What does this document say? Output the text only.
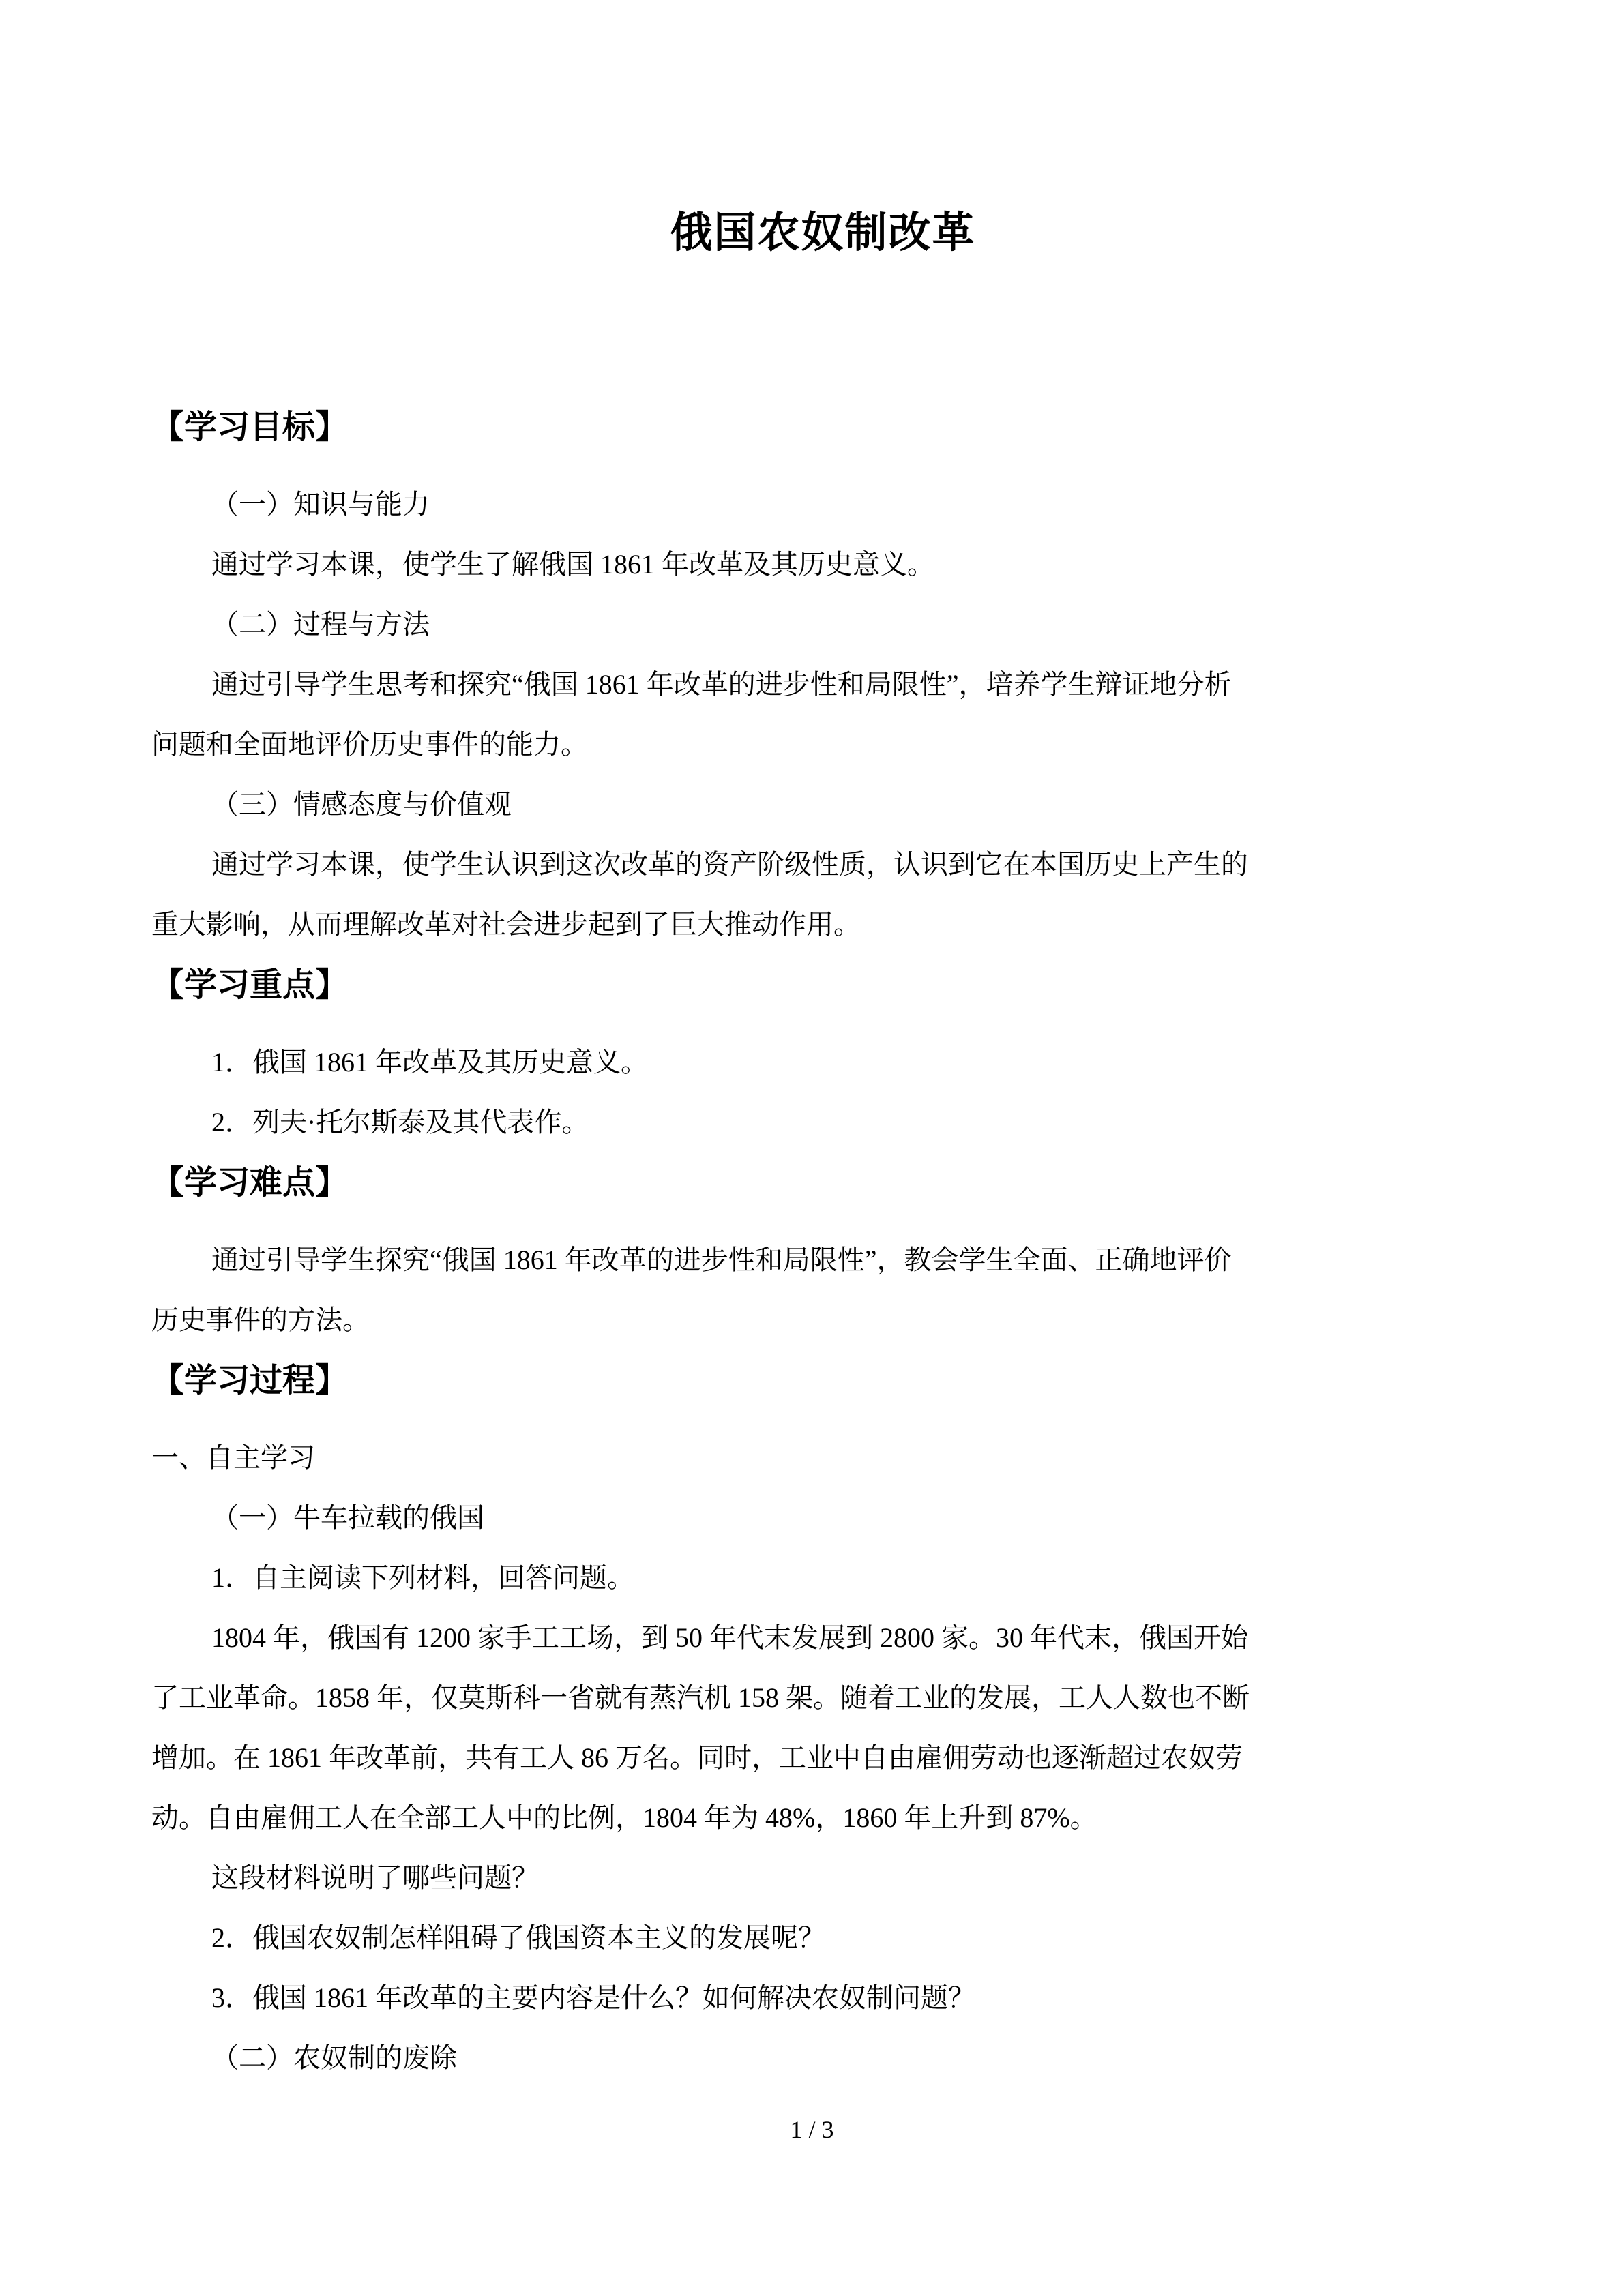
俄国农奴制改革
【学习目标】
（一）知识与能力
通过学习本课，使学生了解俄国 1861 年改革及其历史意义。
（二）过程与方法
通过引导学生思考和探究“俄国 1861 年改革的进步性和局限性”，培养学生辩证地分析
问题和全面地评价历史事件的能力。
（三）情感态度与价值观
通过学习本课，使学生认识到这次改革的资产阶级性质，认识到它在本国历史上产生的
重大影响，从而理解改革对社会进步起到了巨大推动作用。
【学习重点】
1．俄国 1861 年改革及其历史意义。
2．列夫·托尔斯泰及其代表作。
【学习难点】
通过引导学生探究“俄国 1861 年改革的进步性和局限性”，教会学生全面、正确地评价
历史事件的方法。
【学习过程】
一、自主学习
（一）牛车拉载的俄国
1．自主阅读下列材料，回答问题。
1804 年，俄国有 1200 家手工工场，到 50 年代末发展到 2800 家。30 年代末，俄国开始
了工业革命。1858 年，仅莫斯科一省就有蒸汽机 158 架。随着工业的发展，工人人数也不断
增加。在 1861 年改革前，共有工人 86 万名。同时，工业中自由雇佣劳动也逐渐超过农奴劳
动。自由雇佣工人在全部工人中的比例，1804 年为 48%，1860 年上升到 87%。
这段材料说明了哪些问题？
2．俄国农奴制怎样阻碍了俄国资本主义的发展呢？
3．俄国 1861 年改革的主要内容是什么？如何解决农奴制问题？
（二）农奴制的废除
1 / 3
